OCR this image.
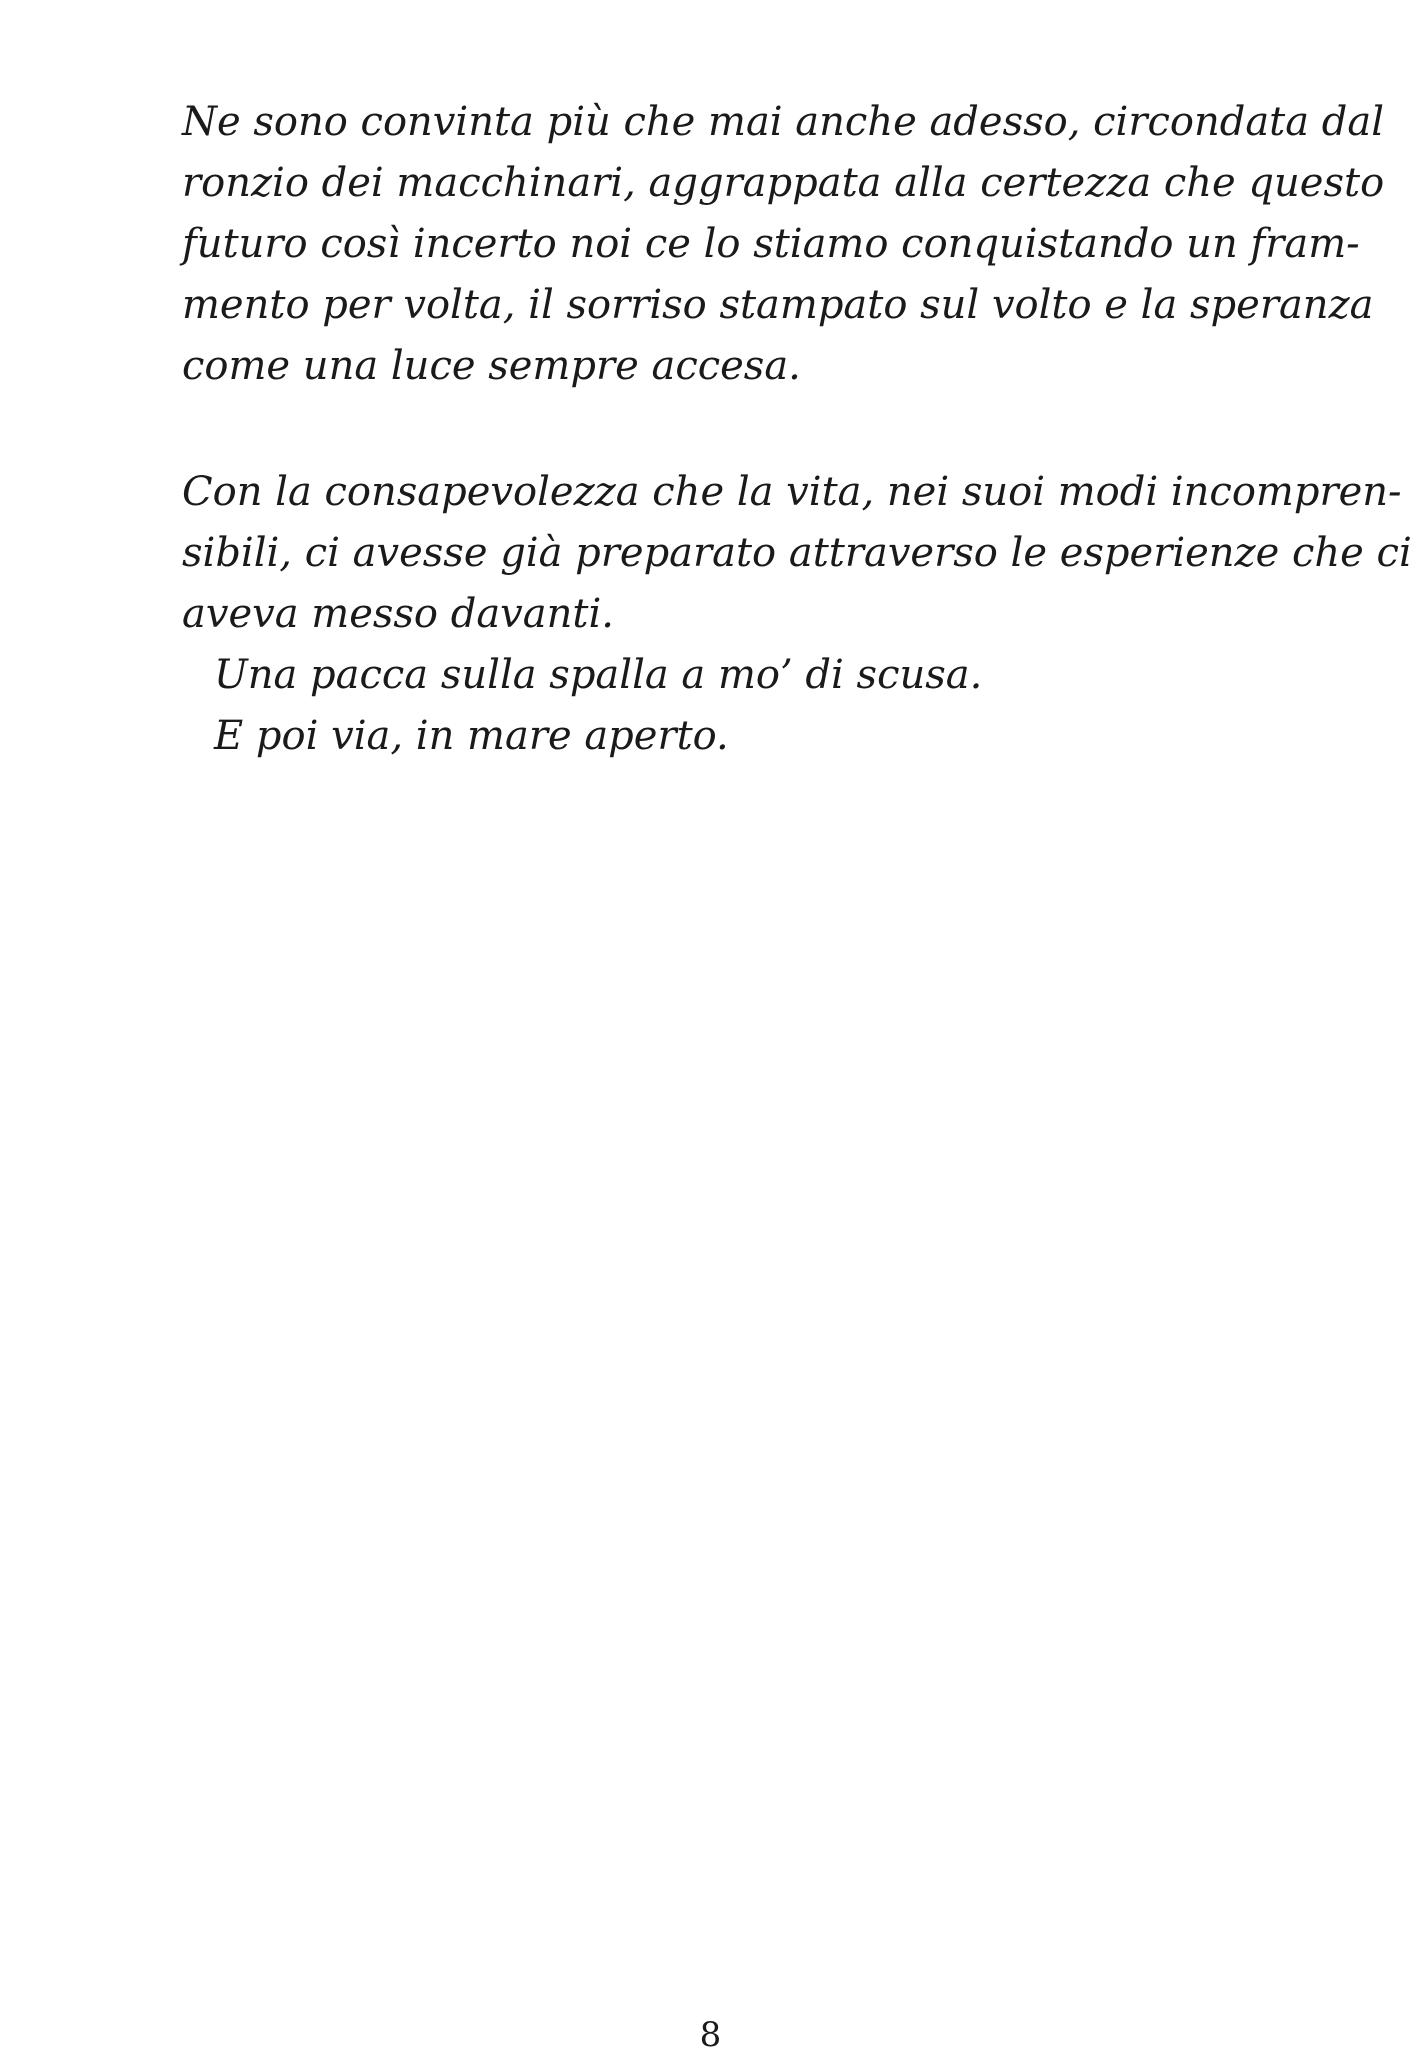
Ne sono convinta più che mai anche adesso, circondata dal
ronzio dei macchinari, aggrappata alla certezza che questo
futuro così incerto noi ce lo stiamo conquistando un fram-
mento per volta, il sorriso stampato sul volto e la speranza
come una luce sempre accesa.
Con la consapevolezza che la vita, nei suoi modi incompren-
sibili, ci avesse già preparato attraverso le esperienze che ci
aveva messo davanti.
Una pacca sulla spalla a mo’ di scusa.
E poi via, in mare aperto.
8
